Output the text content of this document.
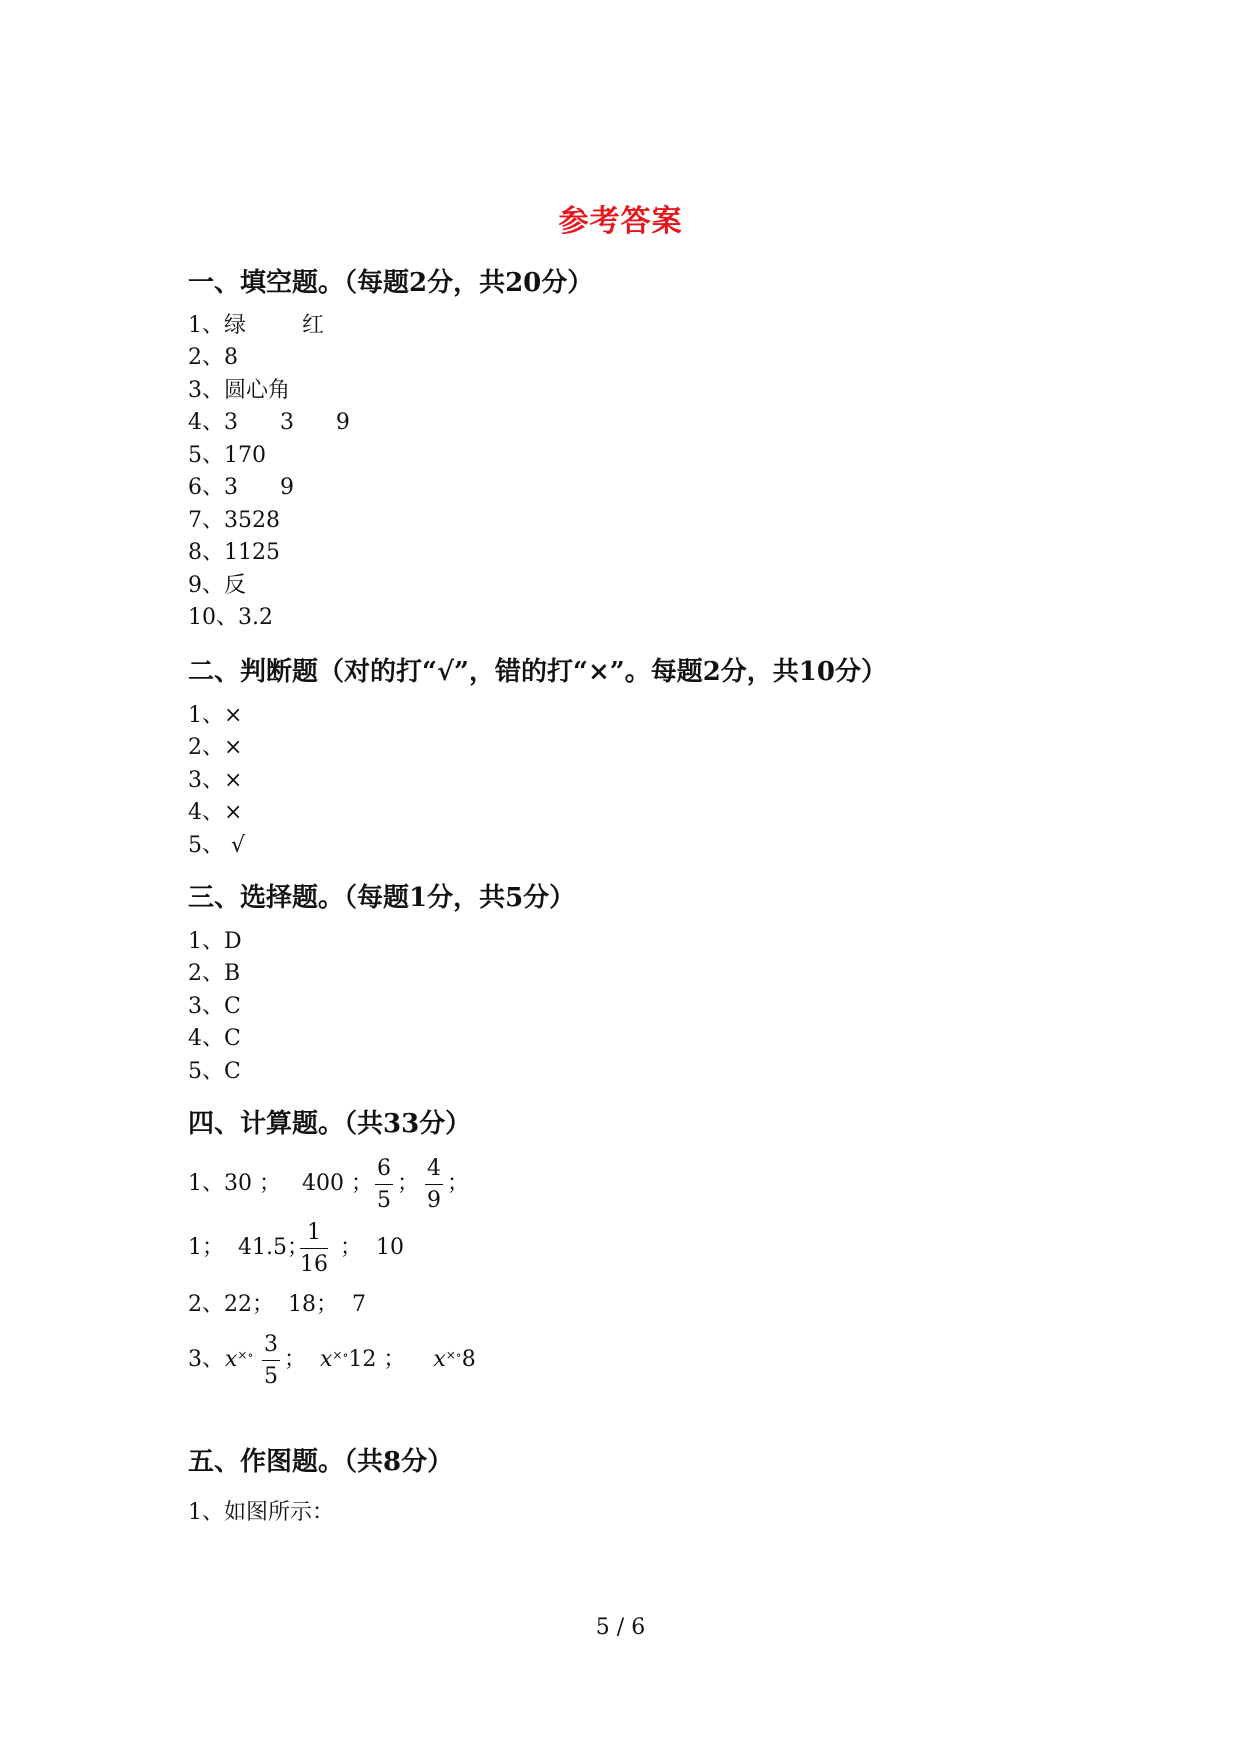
参考答案
一、填空题。（每题2分，共20分）
1、绿        红
2、8
3、圆心角
4、3      3      9
5、170
6、3      9
7、3528
8、1125
9、反
10、3.2
二、判断题（对的打“√”，错的打“×”。每题2分，共10分）
1、×
2、×
3、×
4、×
5、 √
三、选择题。（每题1分，共5分）
1、D
2、B
3、C
4、C
5、C
四、计算题。（共33分）
1、30 ；   400 ； $\frac{6}{5}$ ； $\frac{4}{9}$ ；
1；  41.5；
$\frac{1}{16}$ ；  10
2、22；  18；  7
3、 $x^{\times\circ} \frac{3}{5}$ ；  x×∘12 ；    x×∘8
五、作图题。（共8分）
1、如图所示：
5 / 6
